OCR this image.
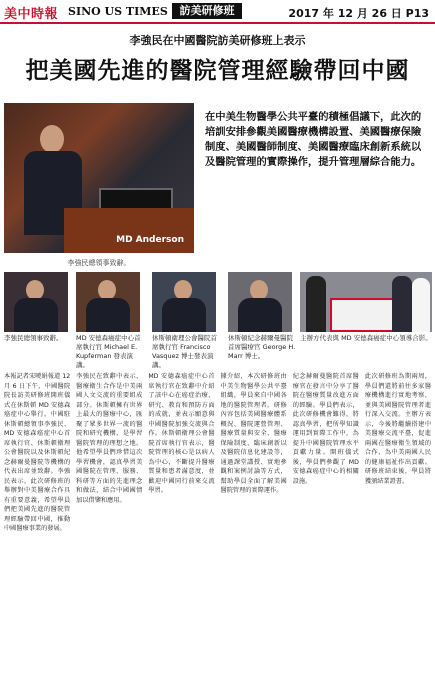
美中時報 SINO US TIMES	訪美研修班	2017 年 12 月 26 日 P13
李強民在中國醫院訪美研修班上表示
把美國先進的醫院管理經驗帶回中國
MD Anderson
在中美生物醫學公共平臺的積極倡議下，此次的培訓安排參觀美國醫療機構設置、美國醫療保險制度、美國醫師制度、美國醫療臨床創新系統以及醫院管理的實際操作，提升管理層綜合能力。
李強民總領事致辭。
李強民總領事致辭。	MD 安德森癌症中心首席執行官 Michael E. Kupferman 發表演講。
休斯頓衛理公會醫院首席執行官 Francisco Vasquez 博士發表演講。
休斯頓紀念赫爾曼醫院首席醫療官 George H. Marr 博士。
主辦方代表與 MD 安德森癌症中心領導合影。
本報記者宋曉娟報道 12 月 6 日下午，中國醫院院長訪美研修班開班儀式在休斯頓 MD 安德森癌症中心舉行。中國駐休斯頓總領事李強民、MD 安德森癌症中心首席執行官、休斯頓衛理公會醫院以及休斯頓紀念赫爾曼醫院等機構的代表出席並致辭。李強民表示，此次研修班的舉辦對中美醫療合作具有重要意義，希望學員們把美國先進的醫院管理經驗帶回中國，推動中國醫療事業的發展。
李強民在致辭中表示，醫療衛生合作是中美兩國人文交流的重要組成部分。休斯頓擁有世界上最大的醫療中心，匯聚了眾多世界一流的醫院和研究機構，是學習醫院管理的理想之地。他希望學員們珍惜這次學習機會，認真學習美國醫院在管理、服務、科研等方面的先進理念和做法，結合中國國情加以借鑒和應用。
MD 安德森癌症中心首席執行官在致辭中介紹了該中心在癌症治療、研究、教育和預防方面的成就，並表示願意與中國醫院加強交流與合作。休斯頓衛理公會醫院首席執行官表示，醫院管理的核心是以病人為中心，不斷提升醫療質量和患者滿意度，並歡迎中國同行前來交流學習。
據介紹，本次研修班由中美生物醫學公共平臺組織，學員來自中國各地的醫院管理者。研修內容包括美國醫療體系概況、醫院運營管理、醫療質量與安全、醫療保險制度、臨床創新以及醫院信息化建設等，通過課堂講授、實地參觀和案例討論等方式，幫助學員全面了解美國醫院管理的實際運作。
紀念赫爾曼醫院首席醫療官在發言中分享了醫院在醫療質量改進方面的經驗。學員們表示，此次研修機會難得，將認真學習，把所學知識運用到實際工作中，為提升中國醫院管理水平貢獻力量。開班儀式後，學員們參觀了 MD 安德森癌症中心的相關設施。
此次研修班為期兩周，學員們還將前往多家醫療機構進行實地考察，並與美國醫院管理者進行深入交流。主辦方表示，今後將繼續搭建中美醫療交流平臺，促進兩國在醫療衛生領域的合作，為中美兩國人民的健康福祉作出貢獻。研修班結束後，學員將獲頒結業證書。
